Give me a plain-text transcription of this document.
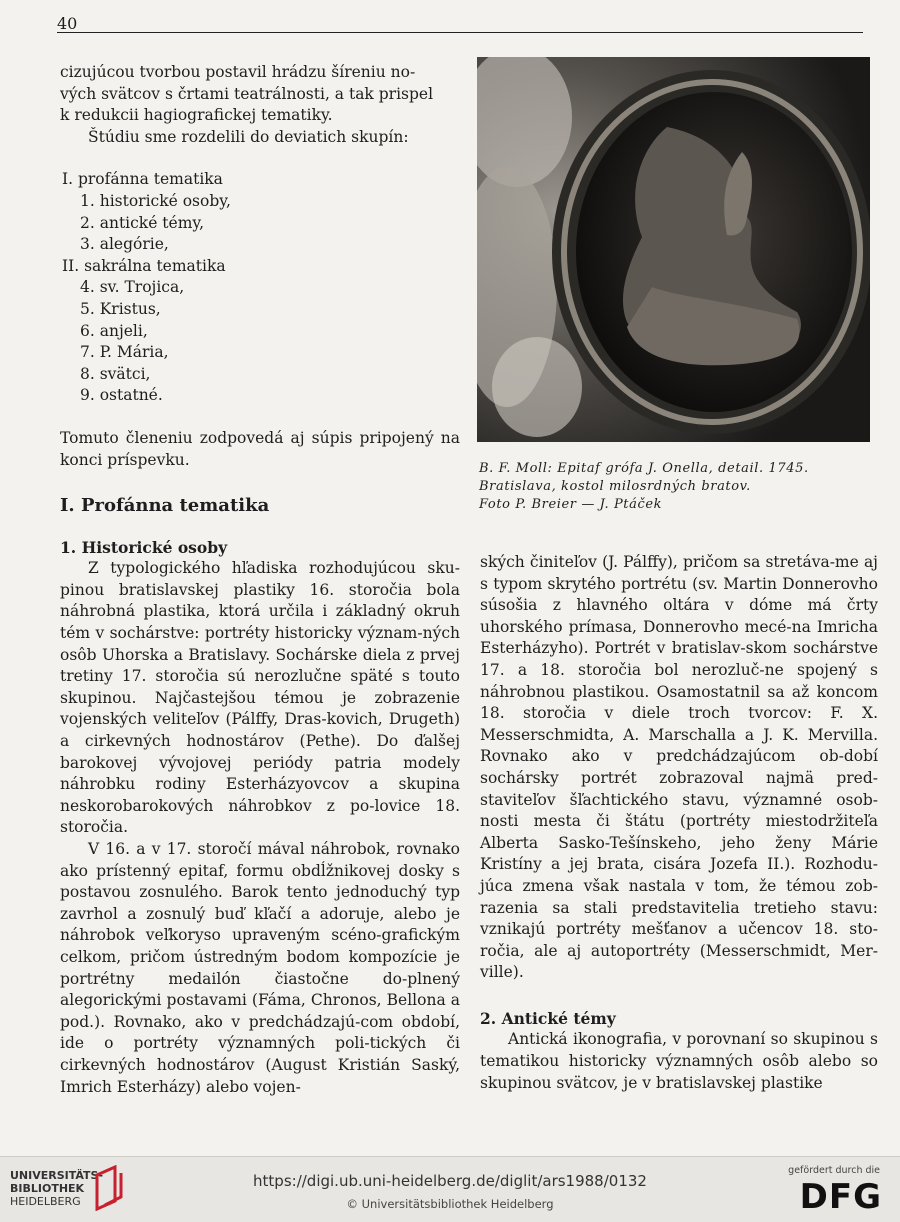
40
cizujúcou tvorbou postavil hrádzu šíreniu no-
vých svätcov s črtami teatrálnosti, a tak prispel
k redukcii hagiografickej tematiky.

Štúdiu sme rozdelili do deviatich skupín:

I. profánna tematika
1. historické osoby,
2. antické témy,
3. alegórie,
II. sakrálna tematika
4. sv. Trojica,
5. Kristus,
6. anjeli,
7. P. Mária,
8. svätci,
9. ostatné.

Tomuto členeniu zodpovedá aj súpis pripojený na konci príspevku.

I. Profánna tematika
1. Historické osoby

Z typologického hľadiska rozhodujúcou sku-pinou bratislavskej plastiky 16. storočia bola náhrobná plastika, ktorá určila i základný okruh tém v sochárstve: portréty historicky význam-ných osôb Uhorska a Bratislavy. Sochárske diela z prvej tretiny 17. storočia sú nerozlučne späté s touto skupinou. Najčastejšou témou je zobrazenie vojenských veliteľov (Pálffy, Dras-kovich, Drugeth) a cirkevných hodnostárov (Pethe). Do ďalšej barokovej vývojovej periódy patria modely náhrobku rodiny Esterházyovcov a skupina neskorobarokových náhrobkov z po-lovice 18. storočia.

V 16. a v 17. storočí mával náhrobok, rovnako ako prístenný epitaf, formu obdĺžnikovej dosky s postavou zosnulého. Barok tento jednoduchý typ zavrhol a zosnulý buď kľačí a adoruje, alebo je náhrobok veľkoryso upraveným scéno-grafickým celkom, pričom ústredným bodom kompozície je portrétny medailón čiastočne do-plnený alegorickými postavami (Fáma, Chronos, Bellona a pod.). Rovnako, ako v predchádzajú-com období, ide o portréty významných poli-tických či cirkevných hodnostárov (August Kristián Saský, Imrich Esterházy) alebo vojen-

B. F. Moll: Epitaf grófa J. Onella, detail. 1745.

Bratislava, kostol milosrdných bratov.

Foto P. Breier — J. Ptáček

ských činiteľov (J. Pálffy), pričom sa stretáva-me aj s typom skrytého portrétu (sv. Martin Donnerovho súsošia z hlavného oltára v dóme má črty uhorského prímasa, Donnerovho mecé-na Imricha Esterházyho). Portrét v bratislav-skom sochárstve 17. a 18. storočia bol nerozluč-ne spojený s náhrobnou plastikou. Osamostatnil sa až koncom 18. storočia v diele troch tvorcov: F. X. Messerschmidta, A. Marschalla a J. K. Mervilla. Rovnako ako v predchádzajúcom ob-dobí sochársky portrét zobrazoval najmä pred-staviteľov šľachtického stavu, významné osob-nosti mesta či štátu (portréty miestodržiteľa Alberta Sasko-Tešínskeho, jeho ženy Márie Kristíny a jej brata, cisára Jozefa II.). Rozhodu-júca zmena však nastala v tom, že témou zob-razenia sa stali predstavitelia tretieho stavu: vznikajú portréty mešťanov a učencov 18. sto-ročia, ale aj autoportréty (Messerschmidt, Mer-ville).

2. Antické témy

Antická ikonografia, v porovnaní so skupinou s tematikou historicky významných osôb alebo so skupinou svätcov, je v bratislavskej plastike

UNIVERSITÄTS-
BIBLIOTHEK
HEIDELBERG
https://digi.ub.uni-heidelberg.de/diglit/ars1988/0132
© Universitätsbibliothek Heidelberg
gefördert durch die
DFG
